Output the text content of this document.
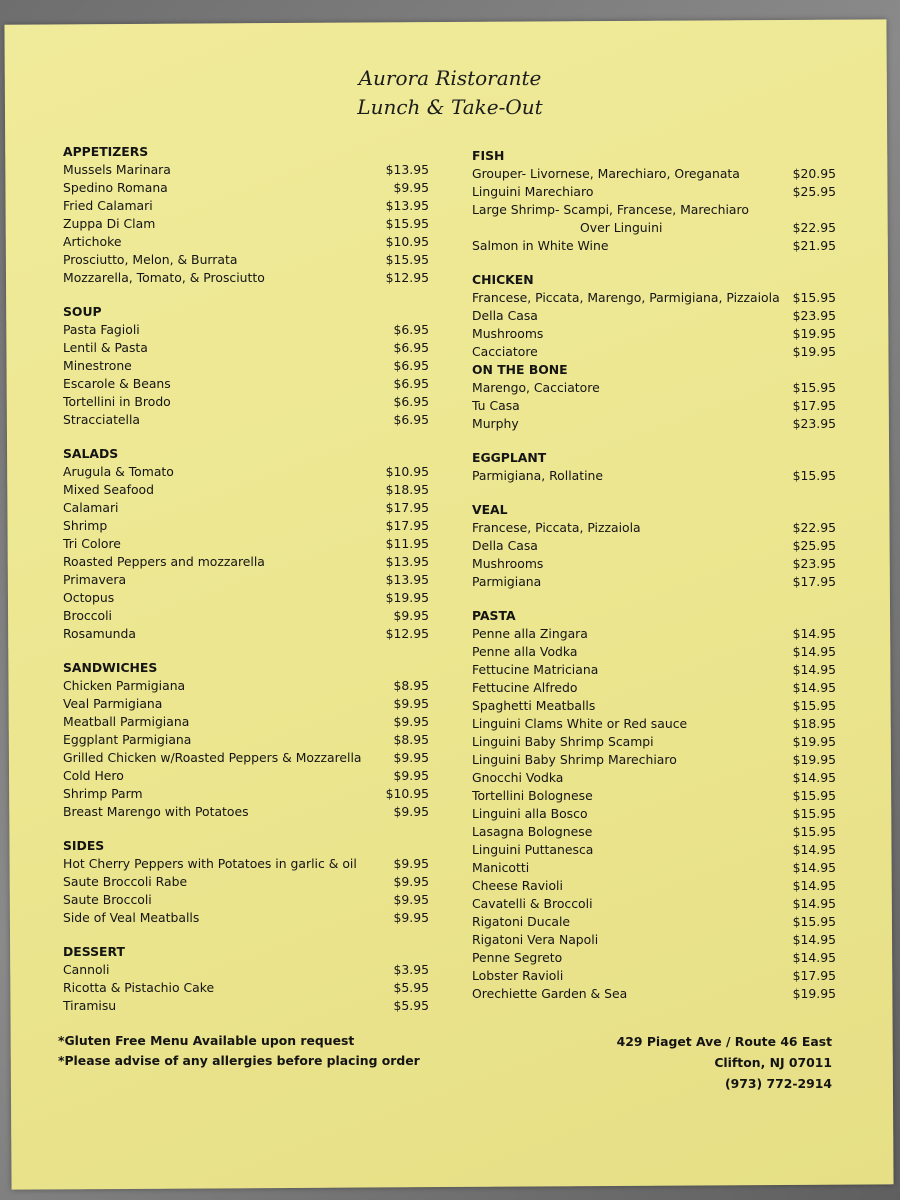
Aurora Ristorante
Lunch & Take-Out
APPETIZERS
Mussels Marinara	$13.95
Spedino Romana	$9.95
Fried Calamari	$13.95
Zuppa Di Clam	$15.95
Artichoke	$10.95
Prosciutto, Melon, & Burrata	$15.95
Mozzarella, Tomato, & Prosciutto	$12.95
SOUP
Pasta Fagioli	$6.95
Lentil & Pasta	$6.95
Minestrone	$6.95
Escarole & Beans	$6.95
Tortellini in Brodo	$6.95
Stracciatella	$6.95
SALADS
Arugula & Tomato	$10.95
Mixed Seafood	$18.95
Calamari	$17.95
Shrimp	$17.95
Tri Colore	$11.95
Roasted Peppers and mozzarella	$13.95
Primavera	$13.95
Octopus	$19.95
Broccoli	$9.95
Rosamunda	$12.95
SANDWICHES
Chicken Parmigiana	$8.95
Veal Parmigiana	$9.95
Meatball Parmigiana	$9.95
Eggplant Parmigiana	$8.95
Grilled Chicken w/Roasted Peppers & Mozzarella	$9.95
Cold Hero	$9.95
Shrimp Parm	$10.95
Breast Marengo with Potatoes	$9.95
SIDES
Hot Cherry Peppers with Potatoes in garlic & oil	$9.95
Saute Broccoli Rabe	$9.95
Saute Broccoli	$9.95
Side of Veal Meatballs	$9.95
DESSERT
Cannoli	$3.95
Ricotta & Pistachio Cake	$5.95
Tiramisu	$5.95
FISH
Grouper- Livornese, Marechiaro, Oreganata	$20.95
Linguini Marechiaro	$25.95
Large Shrimp- Scampi, Francese, Marechiaro
Over Linguini	$22.95
Salmon in White Wine	$21.95
CHICKEN
Francese, Piccata, Marengo, Parmigiana, Pizzaiola $15.95
Della Casa	$23.95
Mushrooms	$19.95
Cacciatore	$19.95
ON THE BONE
Marengo, Cacciatore	$15.95
Tu Casa	$17.95
Murphy	$23.95
EGGPLANT
Parmigiana, Rollatine	$15.95
VEAL
Francese, Piccata, Pizzaiola	$22.95
Della Casa	$25.95
Mushrooms	$23.95
Parmigiana	$17.95
PASTA
Penne alla Zingara	$14.95
Penne alla Vodka	$14.95
Fettucine Matriciana	$14.95
Fettucine Alfredo	$14.95
Spaghetti Meatballs	$15.95
Linguini Clams White or Red sauce	$18.95
Linguini Baby Shrimp Scampi	$19.95
Linguini Baby Shrimp Marechiaro	$19.95
Gnocchi Vodka	$14.95
Tortellini Bolognese	$15.95
Linguini alla Bosco	$15.95
Lasagna Bolognese	$15.95
Linguini Puttanesca	$14.95
Manicotti	$14.95
Cheese Ravioli	$14.95
Cavatelli & Broccoli	$14.95
Rigatoni Ducale	$15.95
Rigatoni Vera Napoli	$14.95
Penne Segreto	$14.95
Lobster Ravioli	$17.95
Orechiette Garden & Sea	$19.95
*Gluten Free Menu Available upon request
*Please advise of any allergies before placing order
429 Piaget Ave / Route 46 East
Clifton, NJ 07011
(973) 772-2914
